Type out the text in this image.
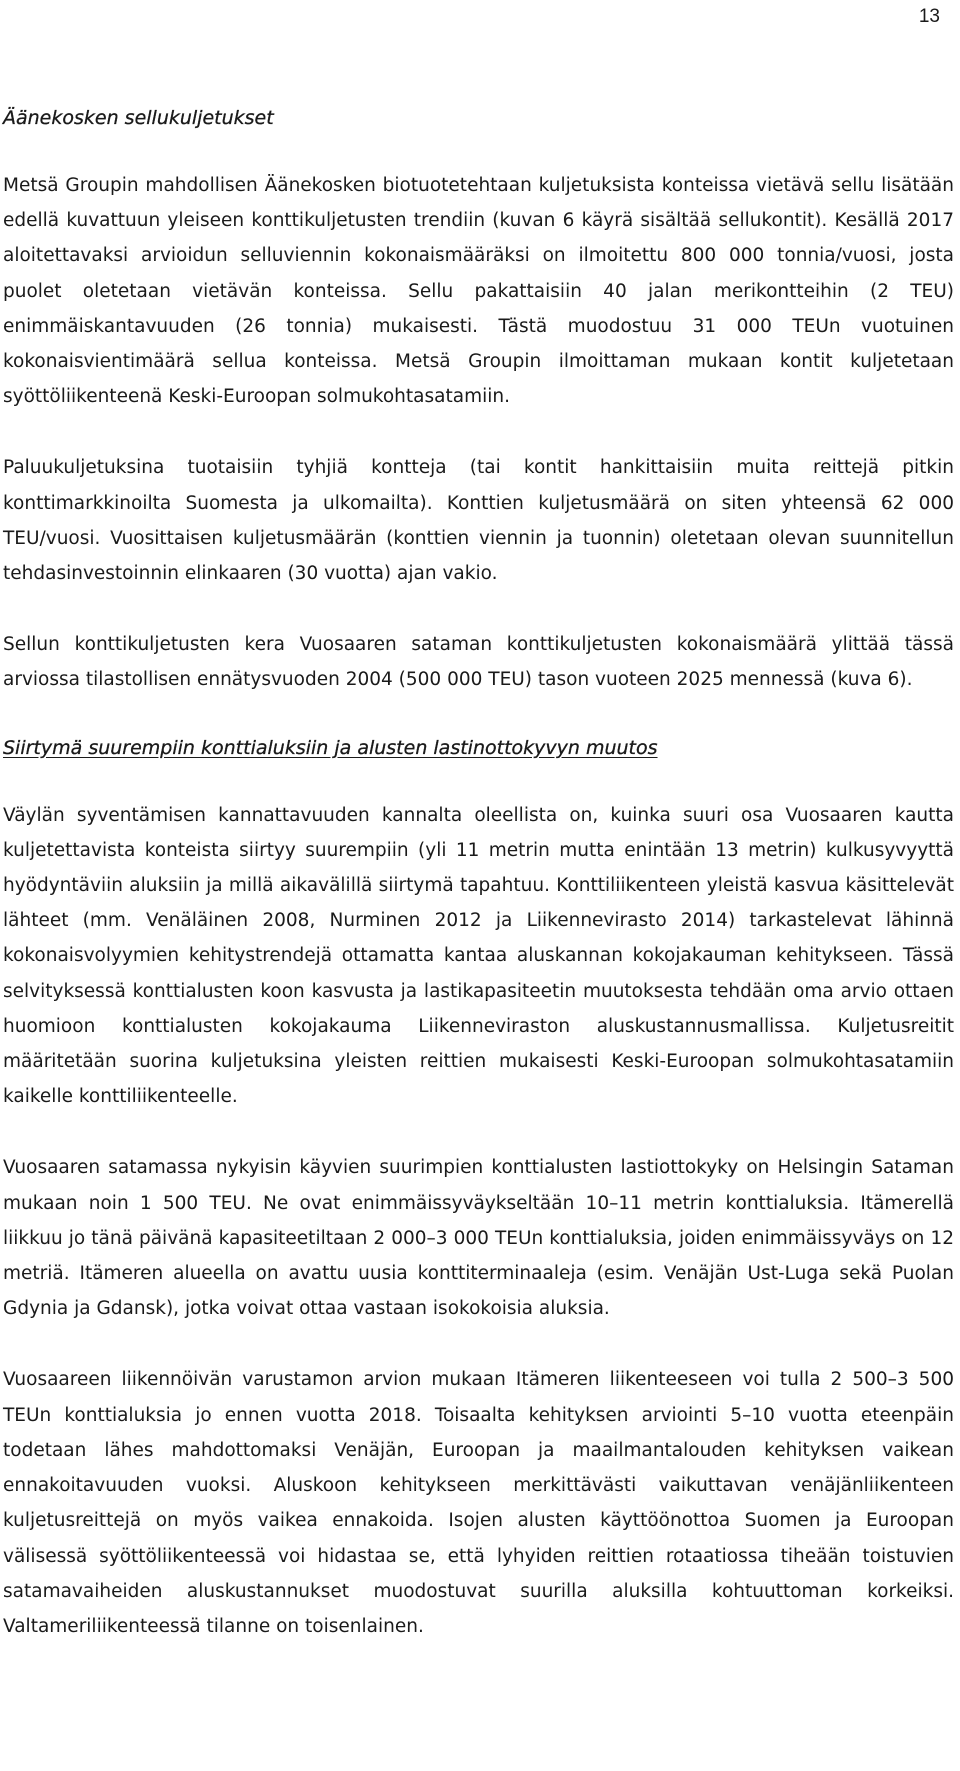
13
Äänekosken sellukuljetukset

Metsä Groupin mahdollisen Äänekosken biotuotetehtaan kuljetuksista konteissa vietävä sellu lisätään edellä kuvattuun yleiseen konttikuljetusten trendiin (kuvan 6 käyrä sisältää sellukontit). Kesällä 2017 aloitettavaksi arvioidun selluviennin kokonaismääräksi on ilmoitettu 800 000 tonnia/vuosi, josta puolet oletetaan vietävän konteissa. Sellu pakattaisiin 40 jalan merikontteihin (2 TEU) enimmäiskantavuuden (26 tonnia) mukaisesti. Tästä muodostuu 31 000 TEUn vuotuinen kokonaisvientimäärä sellua konteissa. Metsä Groupin ilmoittaman mukaan kontit kuljetetaan syöttöliikenteenä Keski-Euroopan solmukohtasatamiin.

Paluukuljetuksina tuotaisiin tyhjiä kontteja (tai kontit hankittaisiin muita reittejä pitkin konttimarkkinoilta Suomesta ja ulkomailta). Konttien kuljetusmäärä on siten yhteensä 62 000 TEU/vuosi. Vuosittaisen kuljetusmäärän (konttien viennin ja tuonnin) oletetaan olevan suunnitellun tehdasinvestoinnin elinkaaren (30 vuotta) ajan vakio.

Sellun konttikuljetusten kera Vuosaaren sataman konttikuljetusten kokonaismäärä ylittää tässä arviossa tilastollisen ennätysvuoden 2004 (500 000 TEU) tason vuoteen 2025 mennessä (kuva 6).

Siirtymä suurempiin konttialuksiin ja alusten lastinottokyvyn muutos

Väylän syventämisen kannattavuuden kannalta oleellista on, kuinka suuri osa Vuosaaren kautta kuljetettavista konteista siirtyy suurempiin (yli 11 metrin mutta enintään 13 metrin) kulkusyvyyttä hyödyntäviin aluksiin ja millä aikavälillä siirtymä tapahtuu. Konttiliikenteen yleistä kasvua käsittelevät lähteet (mm. Venäläinen 2008, Nurminen 2012 ja Liikennevirasto 2014) tarkastelevat lähinnä kokonaisvolyymien kehitystrendejä ottamatta kantaa aluskannan kokojakauman kehitykseen. Tässä selvityksessä konttialusten koon kasvusta ja lastikapasiteetin muutoksesta tehdään oma arvio ottaen huomioon konttialusten kokojakauma Liikenneviraston aluskustannusmallissa. Kuljetusreitit määritetään suorina kuljetuksina yleisten reittien mukaisesti Keski-Euroopan solmukohtasatamiin kaikelle konttiliikenteelle.

Vuosaaren satamassa nykyisin käyvien suurimpien konttialusten lastiottokyky on Helsingin Sataman mukaan noin 1 500 TEU. Ne ovat enimmäissyväykseltään 10–11 metrin konttialuksia. Itämerellä liikkuu jo tänä päivänä kapasiteetiltaan 2 000–3 000 TEUn konttialuksia, joiden enimmäissyväys on 12 metriä. Itämeren alueella on avattu uusia konttiterminaaleja (esim. Venäjän Ust-Luga sekä Puolan Gdynia ja Gdansk), jotka voivat ottaa vastaan isokokoisia aluksia.

Vuosaareen liikennöivän varustamon arvion mukaan Itämeren liikenteeseen voi tulla 2 500–3 500 TEUn konttialuksia jo ennen vuotta 2018. Toisaalta kehityksen arviointi 5–10 vuotta eteenpäin todetaan lähes mahdottomaksi Venäjän, Euroopan ja maailmantalouden kehityksen vaikean ennakoitavuuden vuoksi. Aluskoon kehitykseen merkittävästi vaikuttavan venäjänliikenteen kuljetusreittejä on myös vaikea ennakoida. Isojen alusten käyttöönottoa Suomen ja Euroopan välisessä syöttöliikenteessä voi hidastaa se, että lyhyiden reittien rotaatiossa tiheään toistuvien satamavaiheiden aluskustannukset muodostuvat suurilla aluksilla kohtuuttoman korkeiksi. Valtameriliikenteessä tilanne on toisenlainen.
